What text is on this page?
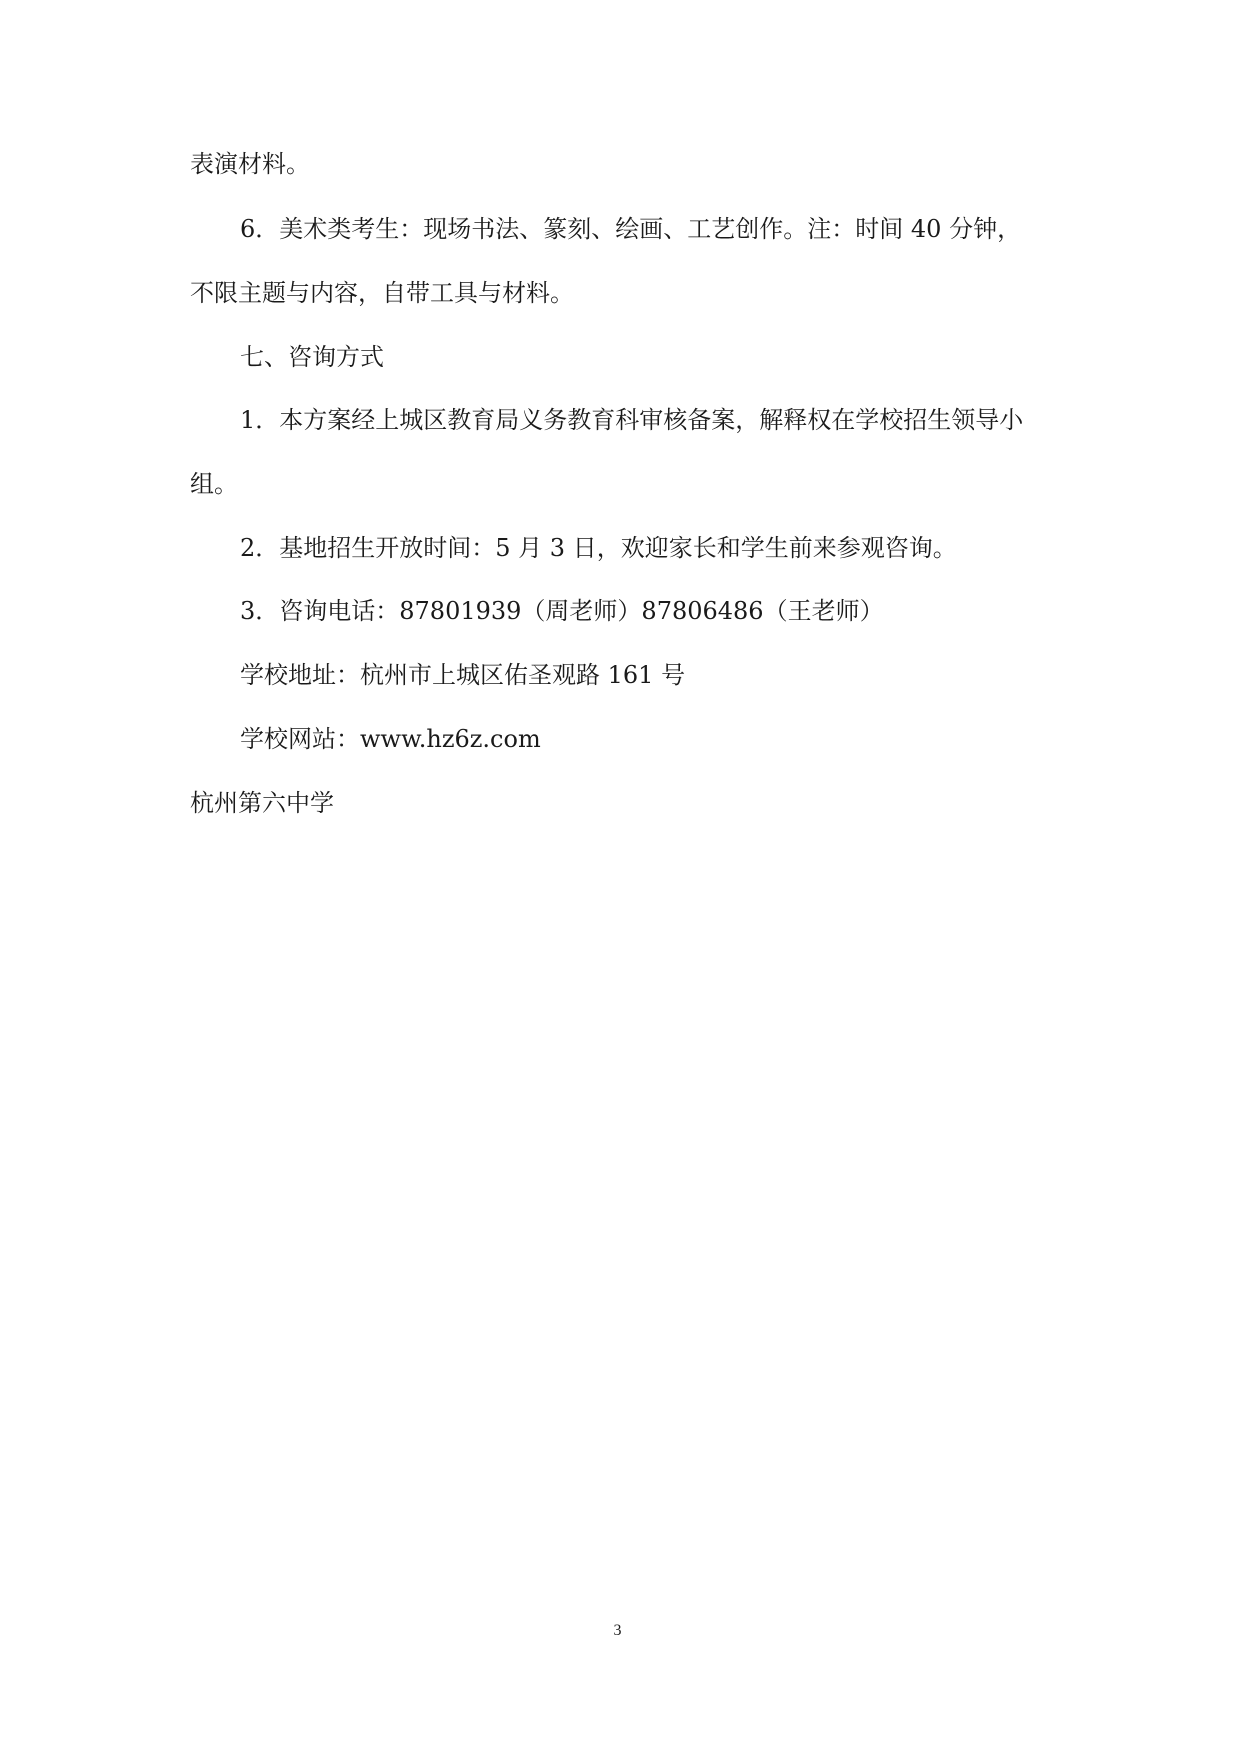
表演材料。
6．美术类考生：现场书法、篆刻、绘画、工艺创作。注：时间 40 分钟，
不限主题与内容，自带工具与材料。
七、咨询方式
1．本方案经上城区教育局义务教育科审核备案，解释权在学校招生领导小
组。
2．基地招生开放时间：5 月 3 日，欢迎家长和学生前来参观咨询。
3．咨询电话：87801939（周老师）87806486（王老师）
学校地址：杭州市上城区佑圣观路 161 号
学校网站：www.hz6z.com
杭州第六中学
3
